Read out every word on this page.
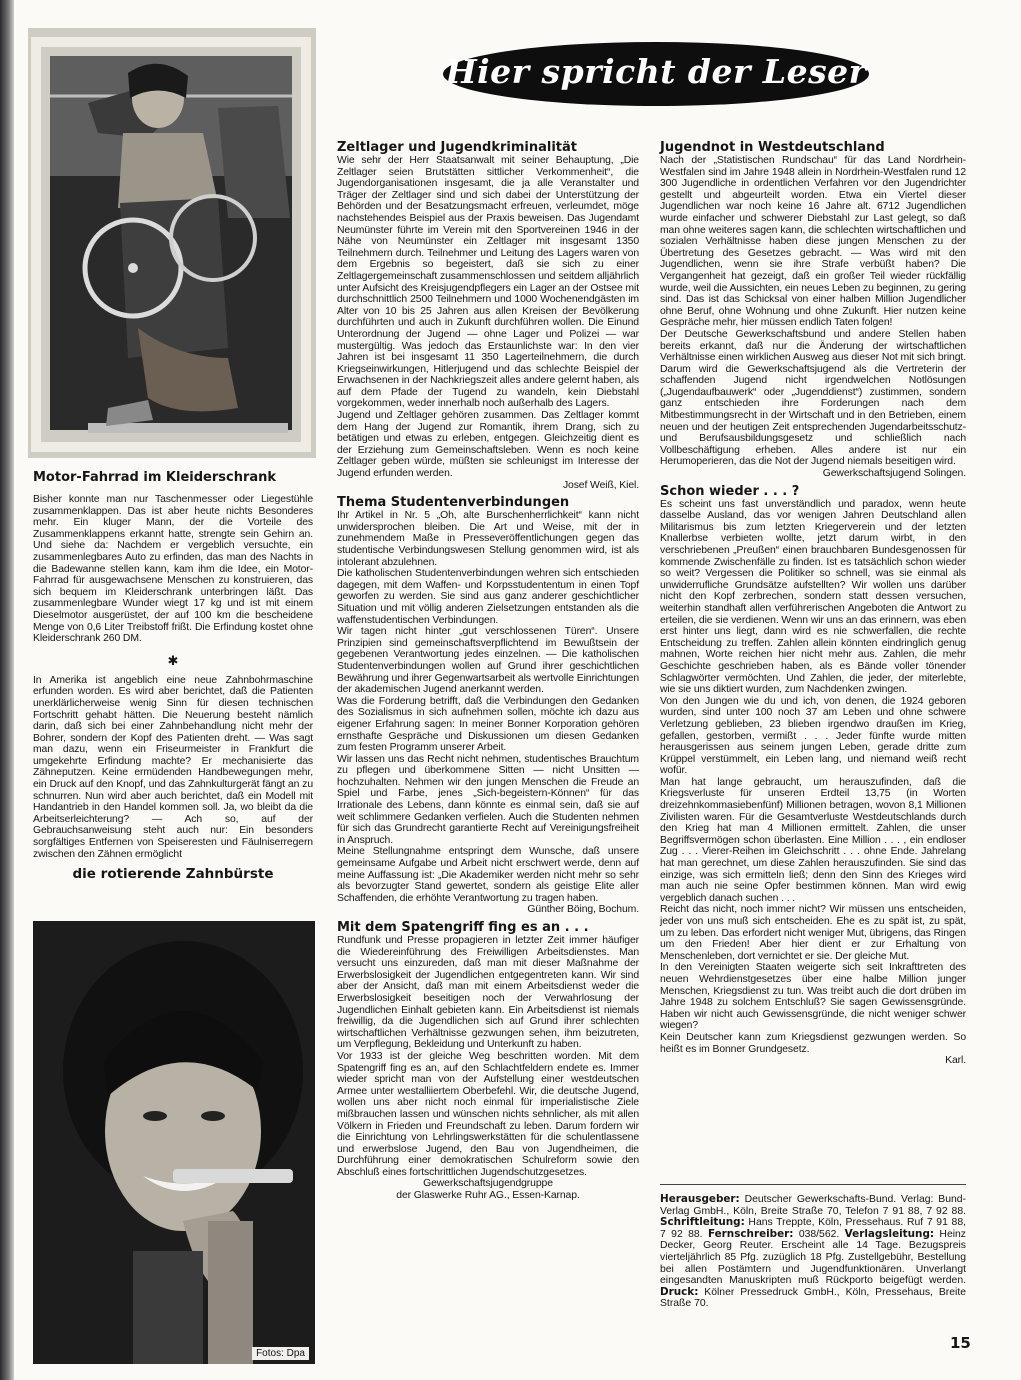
Hier spricht der Leser
Motor-Fahrrad im Kleiderschrank
Bisher konnte man nur Taschenmesser oder Liegestühle zusammenklappen. Das ist aber heute nichts Besonderes mehr. Ein kluger Mann, der die Vorteile des Zusammenklappens erkannt hatte, strengte sein Gehirn an. Und siehe da: Nachdem er vergeblich versuchte, ein zusammenlegbares Auto zu erfinden, das man des Nachts in die Badewanne stellen kann, kam ihm die Idee, ein Motor-Fahrrad für ausgewachsene Menschen zu konstruieren, das sich bequem im Kleiderschrank unterbringen läßt. Das zusammenlegbare Wunder wiegt 17 kg und ist mit einem Dieselmotor ausgerüstet, der auf 100 km die bescheidene Menge von 0,6 Liter Treibstoff frißt. Die Erfindung kostet ohne Kleiderschrank 260 DM.
✱
In Amerika ist angeblich eine neue Zahnbohrmaschine erfunden worden. Es wird aber berichtet, daß die Patienten unerklärlicherweise wenig Sinn für diesen technischen Fortschritt gehabt hätten. Die Neuerung besteht nämlich darin, daß sich bei einer Zahnbehandlung nicht mehr der Bohrer, sondern der Kopf des Patienten dreht. — Was sagt man dazu, wenn ein Friseurmeister in Frankfurt die umgekehrte Erfindung machte? Er mechanisierte das Zähneputzen. Keine ermüdenden Handbewegungen mehr, ein Druck auf den Knopf, und das Zahnkulturgerät fängt an zu schnurren. Nun wird aber auch berichtet, daß ein Modell mit Handantrieb in den Handel kommen soll. Ja, wo bleibt da die Arbeitserleichterung? — Ach so, auf der Gebrauchsanweisung steht auch nur: Ein besonders sorgfältiges Entfernen von Speiseresten und Fäulniserregern zwischen den Zähnen ermöglicht
die rotierende Zahnbürste
Fotos: Dpa
Zeltlager und Jugendkriminalität
Wie sehr der Herr Staatsanwalt mit seiner Behauptung, „Die Zeltlager seien Brutstätten sittlicher Verkommenheit“, die Jugendorganisationen insgesamt, die ja alle Veranstalter und Träger der Zeltlager sind und sich dabei der Unterstützung der Behörden und der Besatzungsmacht erfreuen, verleumdet, möge nachstehendes Beispiel aus der Praxis beweisen. Das Jugendamt Neumünster führte im Verein mit den Sportvereinen 1946 in der Nähe von Neumünster ein Zeltlager mit insgesamt 1350 Teilnehmern durch. Teilnehmer und Leitung des Lagers waren von dem Ergebnis so begeistert, daß sie sich zu einer Zeltlagergemeinschaft zusammenschlossen und seitdem alljährlich unter Aufsicht des Kreisjugendpflegers ein Lager an der Ostsee mit durchschnittlich 2500 Teilnehmern und 1000 Wochenendgästen im Alter von 10 bis 25 Jahren aus allen Kreisen der Bevölkerung durchführten und auch in Zukunft durchführen wollen. Die Einund Unterordnung der Jugend — ohne Lager und Polizei — war mustergültig. Was jedoch das Erstaunlichste war: In den vier Jahren ist bei insgesamt 11 350 Lagerteilnehmern, die durch Kriegseinwirkungen, Hitlerjugend und das schlechte Beispiel der Erwachsenen in der Nachkriegszeit alles andere gelernt haben, als auf dem Pfade der Tugend zu wandeln, kein Diebstahl vorgekommen, weder innerhalb noch außerhalb des Lagers.
Jugend und Zeltlager gehören zusammen. Das Zeltlager kommt dem Hang der Jugend zur Romantik, ihrem Drang, sich zu betätigen und etwas zu erleben, entgegen. Gleichzeitig dient es der Erziehung zum Gemeinschaftsleben. Wenn es noch keine Zeltlager geben würde, müßten sie schleunigst im Interesse der Jugend erfunden werden.
Josef Weiß, Kiel.
Thema Studentenverbindungen
Ihr Artikel in Nr. 5 „Oh, alte Burschenherrlichkeit“ kann nicht unwidersprochen bleiben. Die Art und Weise, mit der in zunehmendem Maße in Presseveröffentlichungen gegen das studentische Verbindungswesen Stellung genommen wird, ist als intolerant abzulehnen.
Die katholischen Studentenverbindungen wehren sich entschieden dagegen, mit dem Waffen- und Korpsstudententum in einen Topf geworfen zu werden. Sie sind aus ganz anderer geschichtlicher Situation und mit völlig anderen Zielsetzungen entstanden als die waffenstudentischen Verbindungen.
Wir tagen nicht hinter „gut verschlossenen Türen“. Unsere Prinzipien sind gemeinschaftsverpflichtend im Bewußtsein der gegebenen Verantwortung jedes einzelnen. — Die katholischen Studentenverbindungen wollen auf Grund ihrer geschichtlichen Bewährung und ihrer Gegenwartsarbeit als wertvolle Einrichtungen der akademischen Jugend anerkannt werden.
Was die Forderung betrifft, daß die Verbindungen den Gedanken des Sozialismus in sich aufnehmen sollen, möchte ich dazu aus eigener Erfahrung sagen: In meiner Bonner Korporation gehören ernsthafte Gespräche und Diskussionen um diesen Gedanken zum festen Programm unserer Arbeit.
Wir lassen uns das Recht nicht nehmen, studentisches Brauchtum zu pflegen und überkommene Sitten — nicht Unsitten — hochzuhalten. Nehmen wir den jungen Menschen die Freude an Spiel und Farbe, jenes „Sich-begeistern-Können“ für das Irrationale des Lebens, dann könnte es einmal sein, daß sie auf weit schlimmere Gedanken verfielen. Auch die Studenten nehmen für sich das Grundrecht garantierte Recht auf Vereinigungsfreiheit in Anspruch.
Meine Stellungnahme entspringt dem Wunsche, daß unsere gemeinsame Aufgabe und Arbeit nicht erschwert werde, denn auf meine Auffassung ist: „Die Akademiker werden nicht mehr so sehr als bevorzugter Stand gewertet, sondern als geistige Elite aller Schaffenden, die erhöhte Verantwortung zu tragen haben.
Günther Böing, Bochum.
Mit dem Spatengriff fing es an . . .
Rundfunk und Presse propagieren in letzter Zeit immer häufiger die Wiedereinführung des Freiwilligen Arbeitsdienstes. Man versucht uns einzureden, daß man mit dieser Maßnahme der Erwerbslosigkeit der Jugendlichen entgegentreten kann. Wir sind aber der Ansicht, daß man mit einem Arbeitsdienst weder die Erwerbslosigkeit beseitigen noch der Verwahrlosung der Jugendlichen Einhalt gebieten kann. Ein Arbeitsdienst ist niemals freiwillig, da die Jugendlichen sich auf Grund ihrer schlechten wirtschaftlichen Verhältnisse gezwungen sehen, ihm beizutreten, um Verpflegung, Bekleidung und Unterkunft zu haben.
Vor 1933 ist der gleiche Weg beschritten worden. Mit dem Spatengriff fing es an, auf den Schlachtfeldern endete es. Immer wieder spricht man von der Aufstellung einer westdeutschen Armee unter westalliiertem Oberbefehl. Wir, die deutsche Jugend, wollen uns aber nicht noch einmal für imperialistische Ziele mißbrauchen lassen und wünschen nichts sehnlicher, als mit allen Völkern in Frieden und Freundschaft zu leben. Darum fordern wir die Einrichtung von Lehrlingswerkstätten für die schulentlassene und erwerbslose Jugend, den Bau von Jugendheimen, die Durchführung einer demokratischen Schulreform sowie den Abschluß eines fortschrittlichen Jugendschutzgesetzes.
Gewerkschaftsjugendgruppe
der Glaswerke Ruhr AG., Essen-Karnap.
Jugendnot in Westdeutschland
Nach der „Statistischen Rundschau“ für das Land Nordrhein-Westfalen sind im Jahre 1948 allein in Nordrhein-Westfalen rund 12 300 Jugendliche in ordentlichen Verfahren vor den Jugendrichter gestellt und abgeurteilt worden. Etwa ein Viertel dieser Jugendlichen war noch keine 16 Jahre alt. 6712 Jugendlichen wurde einfacher und schwerer Diebstahl zur Last gelegt, so daß man ohne weiteres sagen kann, die schlechten wirtschaftlichen und sozialen Verhältnisse haben diese jungen Menschen zu der Übertretung des Gesetzes gebracht. — Was wird mit den Jugendlichen, wenn sie ihre Strafe verbüßt haben? Die Vergangenheit hat gezeigt, daß ein großer Teil wieder rückfällig wurde, weil die Aussichten, ein neues Leben zu beginnen, zu gering sind. Das ist das Schicksal von einer halben Million Jugendlicher ohne Beruf, ohne Wohnung und ohne Zukunft. Hier nutzen keine Gespräche mehr, hier müssen endlich Taten folgen!
Der Deutsche Gewerkschaftsbund und andere Stellen haben bereits erkannt, daß nur die Änderung der wirtschaftlichen Verhältnisse einen wirklichen Ausweg aus dieser Not mit sich bringt. Darum wird die Gewerkschaftsjugend als die Vertreterin der schaffenden Jugend nicht irgendwelchen Notlösungen („Jugendaufbauwerk“ oder „Jugenddienst“) zustimmen, sondern ganz entschieden ihre Forderungen nach dem Mitbestimmungsrecht in der Wirtschaft und in den Betrieben, einem neuen und der heutigen Zeit entsprechenden Jugendarbeitsschutz- und Berufsausbildungsgesetz und schließlich nach Vollbeschäftigung erheben. Alles andere ist nur ein Herumoperieren, das die Not der Jugend niemals beseitigen wird.
Gewerkschaftsjugend Solingen.
Schon wieder . . . ?
Es scheint uns fast unverständlich und paradox, wenn heute dasselbe Ausland, das vor wenigen Jahren Deutschland allen Militarismus bis zum letzten Kriegerverein und der letzten Knallerbse verbieten wollte, jetzt darum wirbt, in den verschriebenen „Preußen“ einen brauchbaren Bundesgenossen für kommende Zwischenfälle zu finden. Ist es tatsächlich schon wieder so weit? Vergessen die Politiker so schnell, was sie einmal als unwiderrufliche Grundsätze aufstellten? Wir wollen uns darüber nicht den Kopf zerbrechen, sondern statt dessen versuchen, weiterhin standhaft allen verführerischen Angeboten die Antwort zu erteilen, die sie verdienen. Wenn wir uns an das erinnern, was eben erst hinter uns liegt, dann wird es nie schwerfallen, die rechte Entscheidung zu treffen. Zahlen allein könnten eindringlich genug mahnen, Worte reichen hier nicht mehr aus. Zahlen, die mehr Geschichte geschrieben haben, als es Bände voller tönender Schlagwörter vermöchten. Und Zahlen, die jeder, der miterlebte, wie sie uns diktiert wurden, zum Nachdenken zwingen.
Von den Jungen wie du und ich, von denen, die 1924 geboren wurden, sind unter 100 noch 37 am Leben und ohne schwere Verletzung geblieben, 23 blieben irgendwo draußen im Krieg, gefallen, gestorben, vermißt . . . Jeder fünfte wurde mitten herausgerissen aus seinem jungen Leben, gerade dritte zum Krüppel verstümmelt, ein Leben lang, und niemand weiß recht wofür.
Man hat lange gebraucht, um herauszufinden, daß die Kriegsverluste für unseren Erdteil 13,75 (in Worten dreizehnkommasiebenfünf) Millionen betragen, wovon 8,1 Millionen Zivilisten waren. Für die Gesamtverluste Westdeutschlands durch den Krieg hat man 4 Millionen ermittelt. Zahlen, die unser Begriffsvermögen schon überlasten. Eine Million . . . , ein endloser Zug . . . Vierer-Reihen im Gleichschritt . . . ohne Ende. Jahrelang hat man gerechnet, um diese Zahlen herauszufinden. Sie sind das einzige, was sich ermitteln ließ; denn den Sinn des Krieges wird man auch nie seine Opfer bestimmen können. Man wird ewig vergeblich danach suchen . . .
Reicht das nicht, noch immer nicht? Wir müssen uns entscheiden, jeder von uns muß sich entscheiden. Ehe es zu spät ist, zu spät, um zu leben. Das erfordert nicht weniger Mut, übrigens, das Ringen um den Frieden! Aber hier dient er zur Erhaltung von Menschenleben, dort vernichtet er sie. Der gleiche Mut.
In den Vereinigten Staaten weigerte sich seit Inkrafttreten des neuen Wehrdienstgesetzes über eine halbe Million junger Menschen, Kriegsdienst zu tun. Was treibt auch die dort drüben im Jahre 1948 zu solchem Entschluß? Sie sagen Gewissensgründe. Haben wir nicht auch Gewissensgründe, die nicht weniger schwer wiegen?
Kein Deutscher kann zum Kriegsdienst gezwungen werden. So heißt es im Bonner Grundgesetz.
Karl.
Herausgeber: Deutscher Gewerkschafts-Bund. Verlag: Bund-Verlag GmbH., Köln, Breite Straße 70, Telefon 7 91 88, 7 92 88. Schriftleitung: Hans Treppte, Köln, Pressehaus. Ruf 7 91 88, 7 92 88. Fernschreiber: 038/562. Verlagsleitung: Heinz Decker, Georg Reuter. Erscheint alle 14 Tage. Bezugspreis vierteljährlich 85 Pfg. zuzüglich 18 Pfg. Zustellgebühr, Bestellung bei allen Postämtern und Jugendfunktionären. Unverlangt eingesandten Manuskripten muß Rückporto beigefügt werden. Druck: Kölner Pressedruck GmbH., Köln, Pressehaus, Breite Straße 70.
15
